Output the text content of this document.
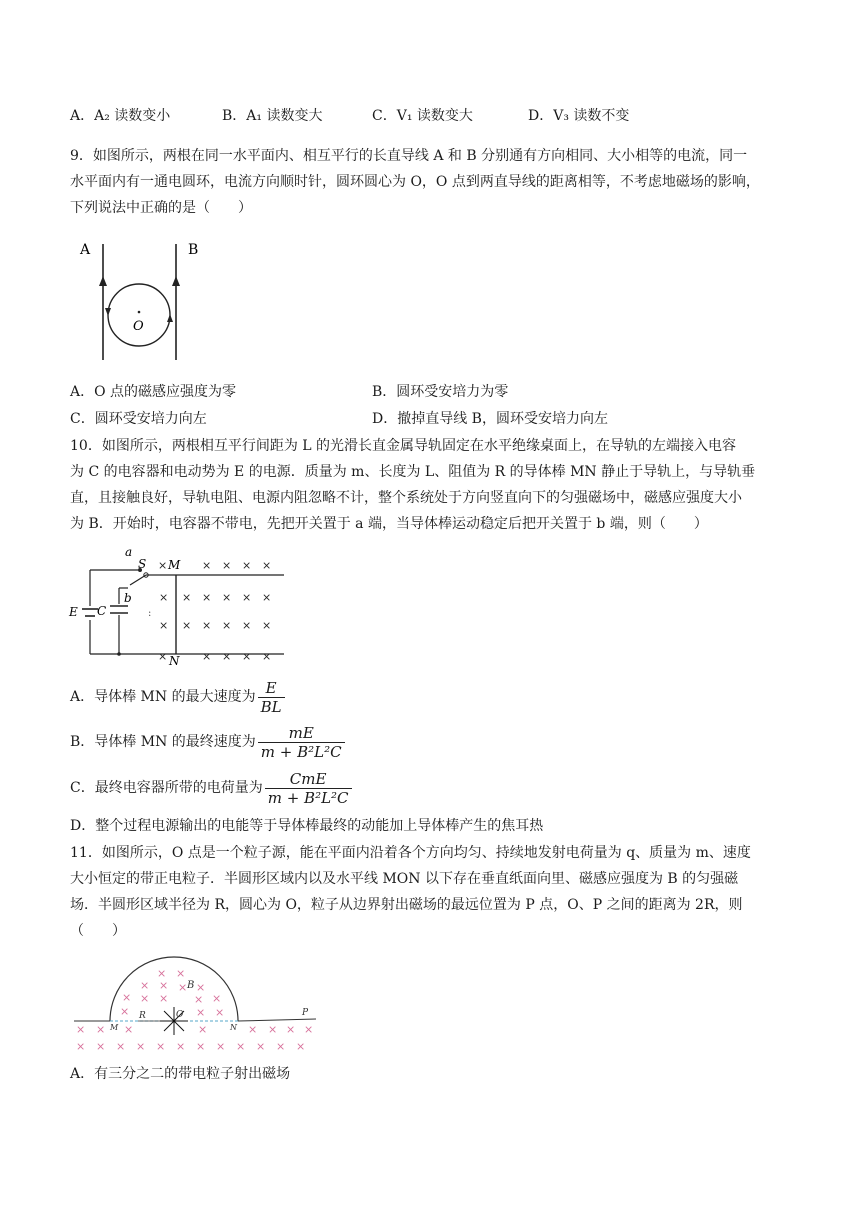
A．A₂ 读数变小	B．A₁ 读数变大	C．V₁ 读数变大	D．V₃ 读数不变
9．如图所示，两根在同一水平面内、相互平行的长直导线 A 和 B 分别通有方向相同、大小相等的电流，同一
水平面内有一通电圆环，电流方向顺时针，圆环圆心为 O，O 点到两直导线的距离相等，不考虑地磁场的影响，
下列说法中正确的是（　　）
A	B
O
A．O 点的磁感应强度为零	B．圆环受安培力为零
C．圆环受安培力向左	D．撤掉直导线 B，圆环受安培力向左
10．如图所示，两根相互平行间距为 L 的光滑长直金属导轨固定在水平绝缘桌面上，在导轨的左端接入电容
为 C 的电容器和电动势为 E 的电源．质量为 m、长度为 L、阻值为 R 的导体棒 MN 静止于导轨上，与导轨垂
直，且接触良好，导轨电阻、电源内阻忽略不计，整个系统处于方向竖直向下的匀强磁场中，磁感应强度大小
为 B．开始时，电容器不带电，先把开关置于 a 端，当导体棒运动稳定后把开关置于 b 端，则（　　）
:
a
b
S M
N
E C
×	× × × ×
× × × × × ×
× × × × × ×
×	× × × ×
A．导体棒 MN 的最大速度为 $\frac{E}{BL}$
B．导体棒 MN 的最终速度为 $\frac{mE}{\text{m + B²L²C}}$
C．最终电容器所带的电荷量为 $\frac{\text{CmE}}{\text{m + B²L²C}}$
D．整个过程电源输出的电能等于导体棒最终的动能加上导体棒产生的焦耳热
11．如图所示，O 点是一个粒子源，能在平面内沿着各个方向均匀、持续地发射电荷量为 q、质量为 m、速度
大小恒定的带正电粒子．半圆形区域内以及水平线 MON 以下存在垂直纸面向里、磁感应强度为 B 的匀强磁
场．半圆形区域半径为 R，圆心为 O，粒子从边界射出磁场的最远位置为 P 点，O、P 之间的距离为 2R，则
（　　）
B
R	O
M	N
P
× ×
× × × ×
× × × × ×
×	× ×
× × ×	×	× × × ×
× × × × × × × × × × × ×
A．有三分之二的带电粒子射出磁场
